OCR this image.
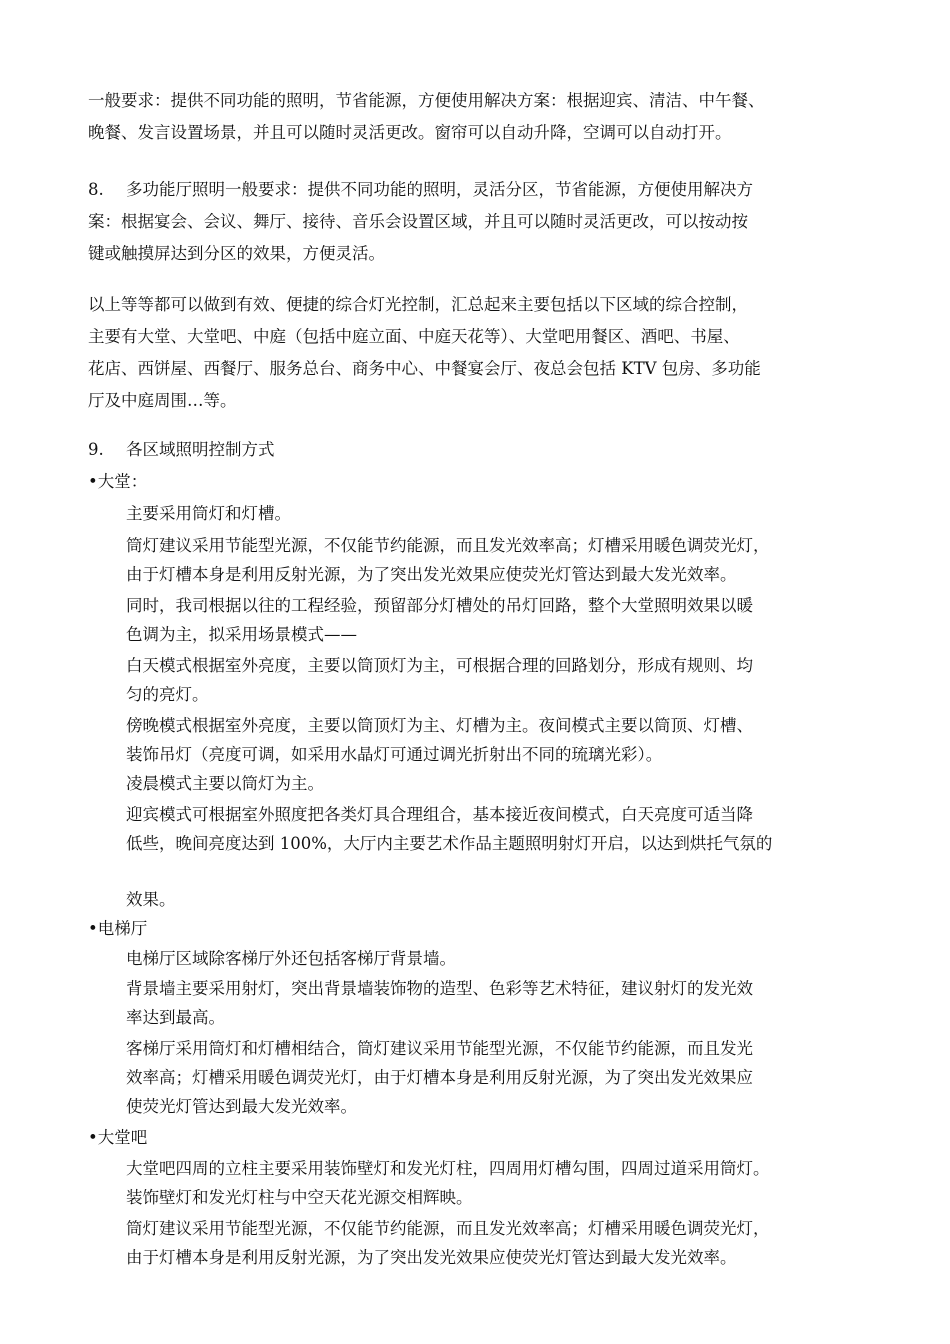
一般要求：提供不同功能的照明，节省能源，方便使用解决方案：根据迎宾、清洁、中午餐、
晚餐、发言设置场景，并且可以随时灵活更改。窗帘可以自动升降，空调可以自动打开。
8. 多功能厅照明一般要求：提供不同功能的照明，灵活分区，节省能源，方便使用解决方
案：根据宴会、会议、舞厅、接待、音乐会设置区域，并且可以随时灵活更改，可以按动按
键或触摸屏达到分区的效果，方便灵活。
以上等等都可以做到有效、便捷的综合灯光控制，汇总起来主要包括以下区域的综合控制，
主要有大堂、大堂吧、中庭（包括中庭立面、中庭天花等）、大堂吧用餐区、酒吧、书屋、
花店、西饼屋、西餐厅、服务总台、商务中心、中餐宴会厅、夜总会包括 KTV 包房、多功能
厅及中庭周围…等。
9. 各区域照明控制方式
•大堂：
主要采用筒灯和灯槽。
筒灯建议采用节能型光源，不仅能节约能源，而且发光效率高；灯槽采用暖色调荧光灯，
由于灯槽本身是利用反射光源，为了突出发光效果应使荧光灯管达到最大发光效率。
同时，我司根据以往的工程经验，预留部分灯槽处的吊灯回路，整个大堂照明效果以暖
色调为主，拟采用场景模式——
白天模式根据室外亮度，主要以筒顶灯为主，可根据合理的回路划分，形成有规则、均
匀的亮灯。
傍晚模式根据室外亮度，主要以筒顶灯为主、灯槽为主。夜间模式主要以筒顶、灯槽、
装饰吊灯（亮度可调，如采用水晶灯可通过调光折射出不同的琉璃光彩）。
凌晨模式主要以筒灯为主。
迎宾模式可根据室外照度把各类灯具合理组合，基本接近夜间模式，白天亮度可适当降
低些，晚间亮度达到 100%，大厅内主要艺术作品主题照明射灯开启，以达到烘托气氛的
效果。
•电梯厅
电梯厅区域除客梯厅外还包括客梯厅背景墙。
背景墙主要采用射灯，突出背景墙装饰物的造型、色彩等艺术特征，建议射灯的发光效
率达到最高。
客梯厅采用筒灯和灯槽相结合，筒灯建议采用节能型光源，不仅能节约能源，而且发光
效率高；灯槽采用暖色调荧光灯，由于灯槽本身是利用反射光源，为了突出发光效果应
使荧光灯管达到最大发光效率。
•大堂吧
大堂吧四周的立柱主要采用装饰壁灯和发光灯柱，四周用灯槽勾围，四周过道采用筒灯。
装饰壁灯和发光灯柱与中空天花光源交相辉映。
筒灯建议采用节能型光源，不仅能节约能源，而且发光效率高；灯槽采用暖色调荧光灯，
由于灯槽本身是利用反射光源，为了突出发光效果应使荧光灯管达到最大发光效率。
